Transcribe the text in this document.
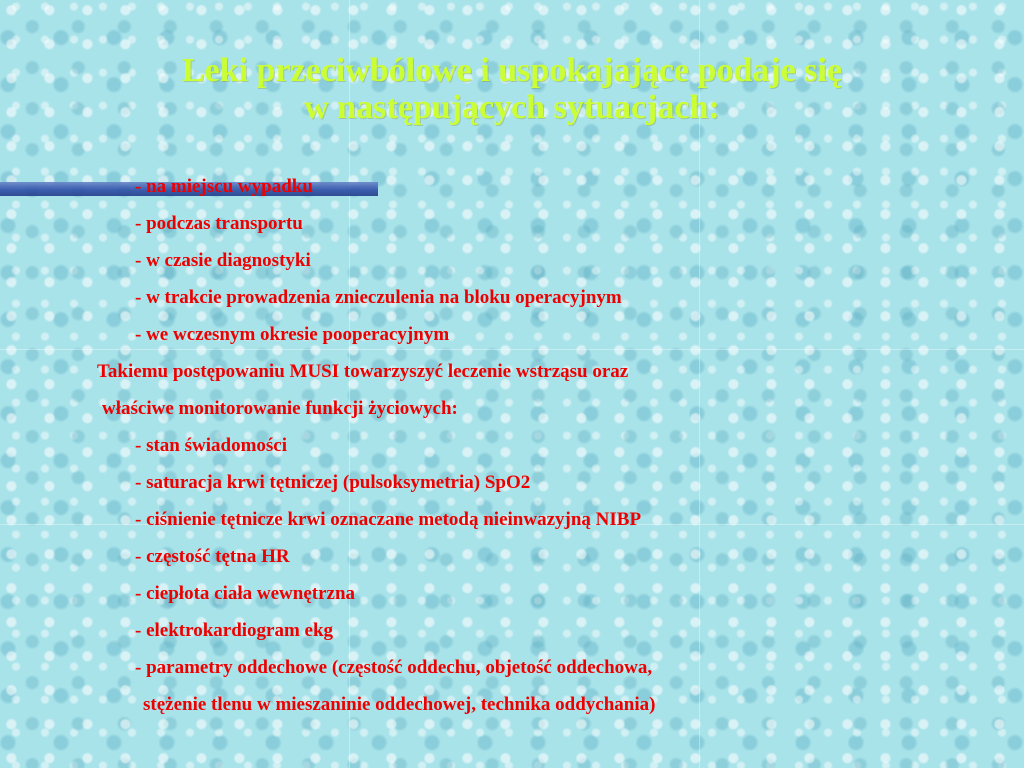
Leki przeciwbólowe i uspokajające podaje się
w następujących sytuacjach:
- na miejscu wypadku
- podczas transportu
- w czasie diagnostyki
- w trakcie prowadzenia znieczulenia na bloku operacyjnym
- we wczesnym okresie pooperacyjnym
Takiemu postępowaniu MUSI towarzyszyć leczenie wstrząsu oraz
właściwe monitorowanie funkcji życiowych:
- stan świadomości
- saturacja krwi tętniczej (pulsoksymetria) SpO2
- ciśnienie tętnicze krwi oznaczane metodą nieinwazyjną NIBP
- częstość tętna HR
- ciepłota ciała wewnętrzna
- elektrokardiogram ekg
- parametry oddechowe (częstość oddechu, objetość oddechowa,
stężenie tlenu w mieszaninie oddechowej, technika oddychania)
